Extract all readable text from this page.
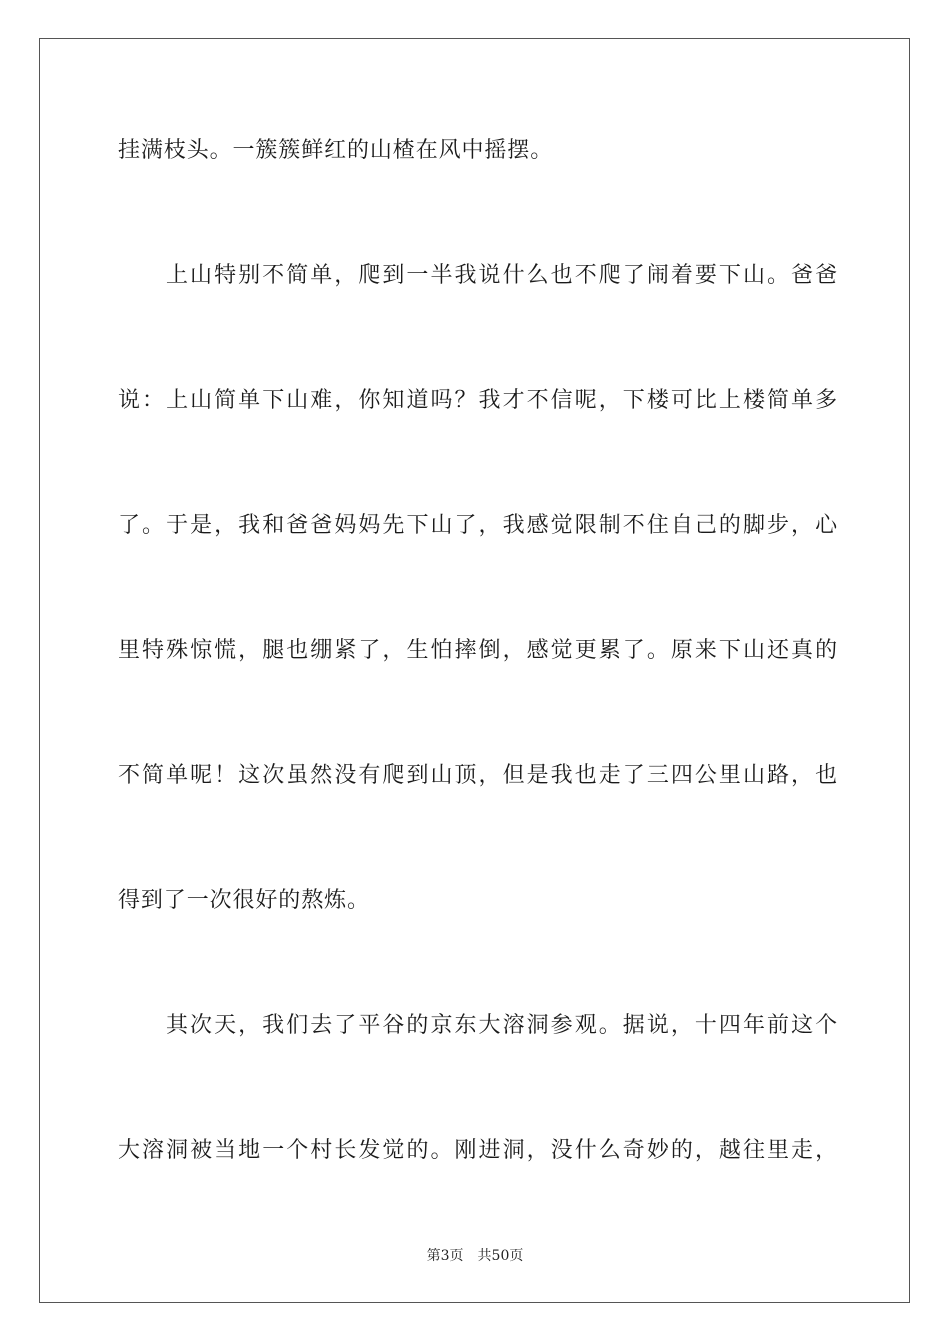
挂满枝头。一簇簇鲜红的山楂在风中摇摆。
上山特别不简单，爬到一半我说什么也不爬了闹着要下山。爸爸
说：上山简单下山难，你知道吗？我才不信呢，下楼可比上楼简单多
了。于是，我和爸爸妈妈先下山了，我感觉限制不住自己的脚步，心
里特殊惊慌，腿也绷紧了，生怕摔倒，感觉更累了。原来下山还真的
不简单呢！这次虽然没有爬到山顶，但是我也走了三四公里山路，也
得到了一次很好的熬炼。
其次天，我们去了平谷的京东大溶洞参观。据说，十四年前这个
大溶洞被当地一个村长发觉的。刚进洞，没什么奇妙的，越往里走，
第3页 共50页
